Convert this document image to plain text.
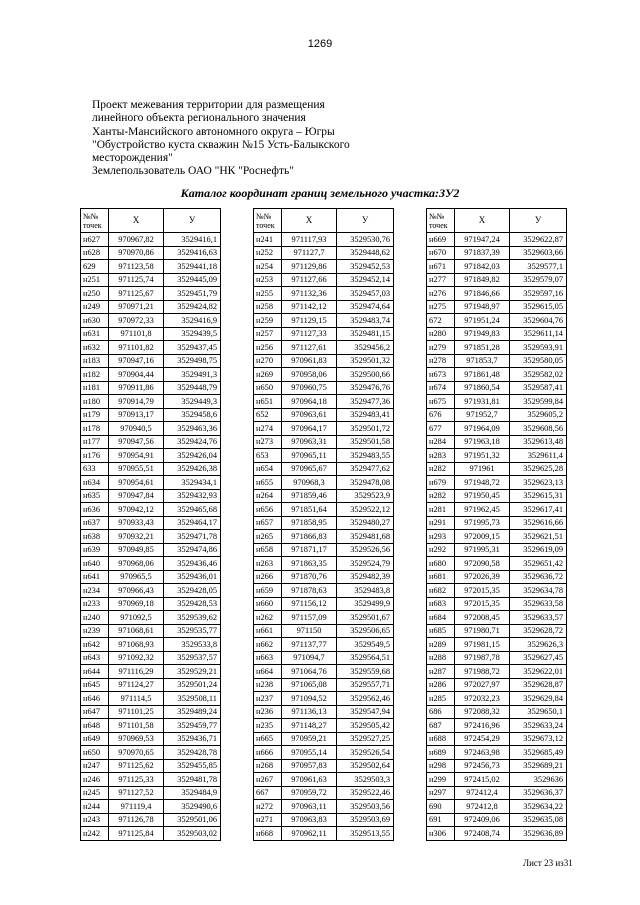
1269
Проект межевания территории для размещения
линейного объекта регионального значения
Ханты-Мансийского автономного округа – Югры
"Обустройство куста скважин №15 Усть-Балыкского
месторождения"
Землепользователь ОАО "НК "Роснефть"
Каталог координат границ земельного участка:ЗУ2
№№ точек	X	У
н627	970967,82	3529416,1
н628	970970,86	3529416,63
629	971123,58	3529441,18
н251	971125,74	3529445,09
н250	971125,67	3529451,79
н249	970971,21	3529424,82
н630	970972,33	3529416,9
н631	971101,8	3529439,5
н632	971101,82	3529437,45
н183	970947,16	3529498,75
н182	970904,44	3529491,3
н181	970911,86	3529448,79
н180	970914,79	3529449,3
н179	970913,17	3529458,6
н178	970940,5	3529463,36
н177	970947,56	3529424,76
н176	970954,91	3529426,04
633	970955,51	3529426,38
н634	970954,61	3529434,1
н635	970947,84	3529432,93
н636	970942,12	3529465,68
н637	970933,43	3529464,17
н638	970932,21	3529471,78
н639	970949,85	3529474,86
н640	970968,06	3529436,46
н641	970965,5	3529436,01
н234	970966,43	3529428,05
н233	970969,18	3529428,53
н240	971092,5	3529539,62
н239	971068,61	3529535,77
н642	971068,93	3529533,8
н643	971092,32	3529537,57
н644	971116,29	3529529,21
н645	971124,27	3529501,24
н646	971114,5	3529508,11
н647	971101,25	3529489,24
н648	971101,58	3529459,77
н649	970969,53	3529436,71
н650	970970,65	3529428,78
н247	971125,62	3529455,85
н246	971125,33	3529481,78
н245	971127,52	3529484,9
н244	971119,4	3529490,6
н243	971126,78	3529501,06
н242	971125,84	3529503,02
№№ точек	X	У
н241	971117,93	3529530,76
н252	971127,7	3529448,62
н254	971129,86	3529452,53
н253	971127,66	3529452,14
н255	971132,36	3529457,03
н258	971142,12	3529474,64
н259	971129,15	3529483,74
н257	971127,33	3529481,15
н256	971127,61	3529456,2
н270	970961,83	3529501,32
н269	970958,06	3529500,66
н650	970960,75	3529476,76
н651	970964,18	3529477,36
652	970963,61	3529483,41
н274	970964,17	3529501,72
н273	970963,31	3529501,58
653	970965,11	3529483,55
н654	970965,67	3529477,62
н655	970968,3	3529478,08
н264	971859,46	3529523,9
н656	971851,64	3529522,12
н657	971858,95	3529480,27
н265	971866,83	3529481,68
н658	971871,17	3529526,56
н263	971863,35	3529524,79
н266	971870,76	3529482,39
н659	971878,63	3529483,8
н660	971156,12	3529499,9
н262	971157,09	3529501,67
н661	971150	3529506,65
н662	971137,77	3529549,5
н663	971094,7	3529564,51
н664	971064,76	3529559,68
н238	971065,08	3529557,71
н237	971094,52	3529562,46
н236	971136,13	3529547,94
н235	971148,27	3529505,42
н665	970959,21	3529527,25
н666	970955,14	3529526,54
н268	970957,83	3529502,64
н267	970961,63	3529503,3
667	970959,72	3529522,46
н272	970963,11	3529503,56
н271	970963,83	3529503,69
н668	970962,11	3529513,55
№№ точек	X	У
н669	971947,24	3529622,87
н670	971837,39	3529603,66
н671	971842,03	3529577,1
н277	971849,82	3529579,07
н276	971846,66	3529597,16
н275	971948,97	3529615,05
672	971951,24	3529604,76
н280	971949,83	3529611,14
н279	971851,28	3529593,91
н278	971853,7	3529580,05
н673	971861,48	3529582,02
н674	971860,54	3529587,41
н675	971931,81	3529599,84
676	971952,7	3529605,2
677	971964,09	3529608,56
н284	971963,18	3529613,48
н283	971951,32	3529611,4
н282	971961	3529625,28
н679	971948,72	3529623,13
н282	971950,45	3529615,31
н281	971962,45	3529617,41
н291	971995,73	3529616,66
н293	972009,15	3529621,51
н292	971995,31	3529619,09
н680	972090,58	3529651,42
н681	972026,39	3529636,72
н682	972015,35	3529634,78
н683	972015,35	3529633,58
н684	972008,45	3529633,57
н685	971980,71	3529628,72
н289	971981,15	3529626,3
н288	971987,78	3529627,45
н287	971988,72	3529622,01
н286	972027,97	3529628,87
н285	972032,23	3529629,84
686	972088,32	3529650,1
687	972416,96	3529633,24
н688	972454,29	3529673,12
н689	972463,98	3529685,49
н298	972456,73	3529689,21
н299	972415,02	3529636
н297	972412,4	3529636,37
690	972412,8	3529634,22
691	972409,06	3529635,08
н306	972408,74	3529636,89
Лист 23 из31
